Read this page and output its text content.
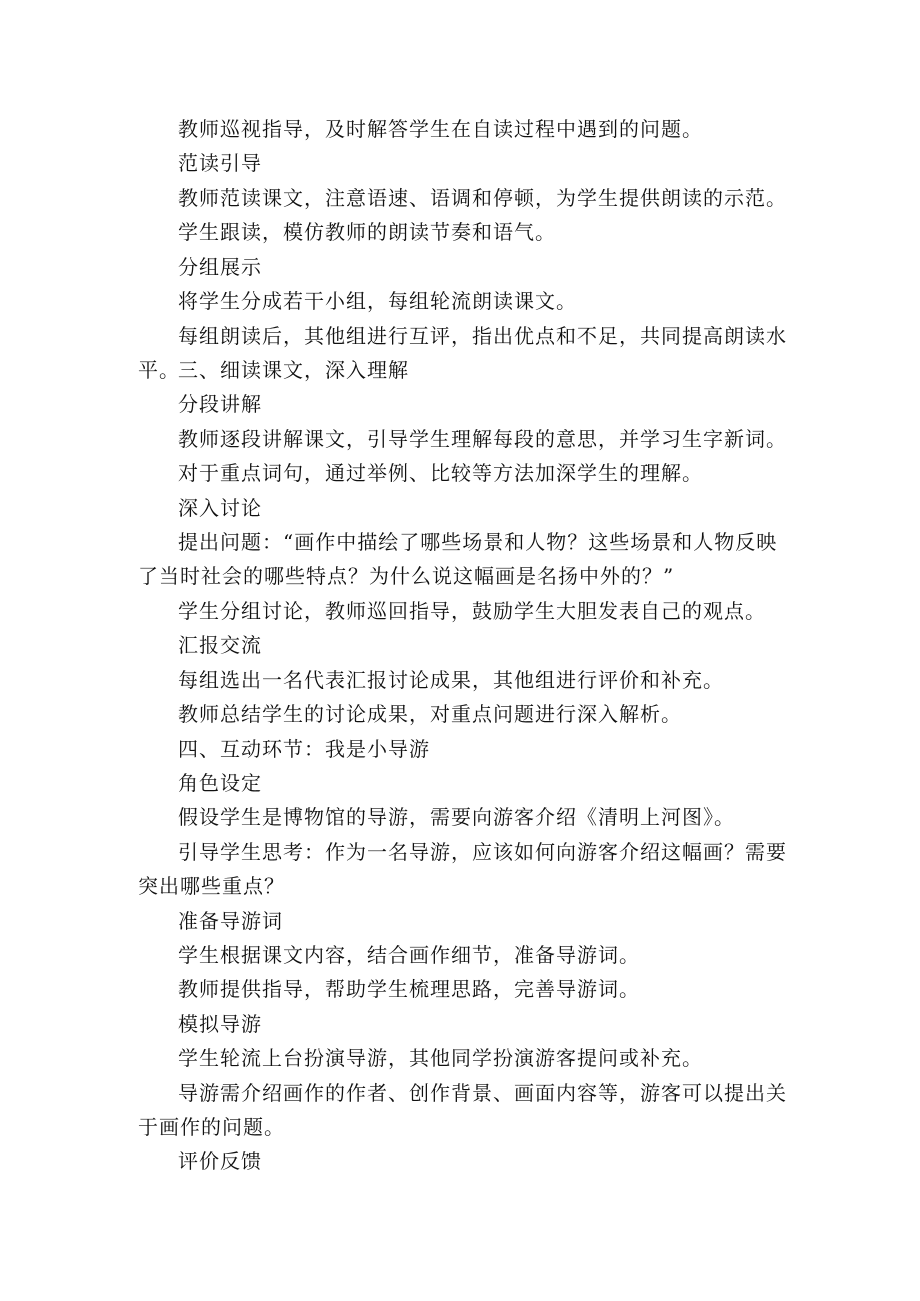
教师巡视指导，及时解答学生在自读过程中遇到的问题。

范读引导

教师范读课文，注意语速、语调和停顿，为学生提供朗读的示范。

学生跟读，模仿教师的朗读节奏和语气。

分组展示

将学生分成若干小组，每组轮流朗读课文。

每组朗读后，其他组进行互评，指出优点和不足，共同提高朗读水平。

三、细读课文，深入理解

分段讲解

教师逐段讲解课文，引导学生理解每段的意思，并学习生字新词。

对于重点词句，通过举例、比较等方法加深学生的理解。

深入讨论

提出问题：“画作中描绘了哪些场景和人物？这些场景和人物反映了当时社会的哪些特点？为什么说这幅画是名扬中外的？”

学生分组讨论，教师巡回指导，鼓励学生大胆发表自己的观点。

汇报交流

每组选出一名代表汇报讨论成果，其他组进行评价和补充。

教师总结学生的讨论成果，对重点问题进行深入解析。

四、互动环节：我是小导游

角色设定

假设学生是博物馆的导游，需要向游客介绍《清明上河图》。

引导学生思考：作为一名导游，应该如何向游客介绍这幅画？需要突出哪些重点？

准备导游词

学生根据课文内容，结合画作细节，准备导游词。

教师提供指导，帮助学生梳理思路，完善导游词。

模拟导游

学生轮流上台扮演导游，其他同学扮演游客提问或补充。

导游需介绍画作的作者、创作背景、画面内容等，游客可以提出关于画作的问题。

评价反馈
